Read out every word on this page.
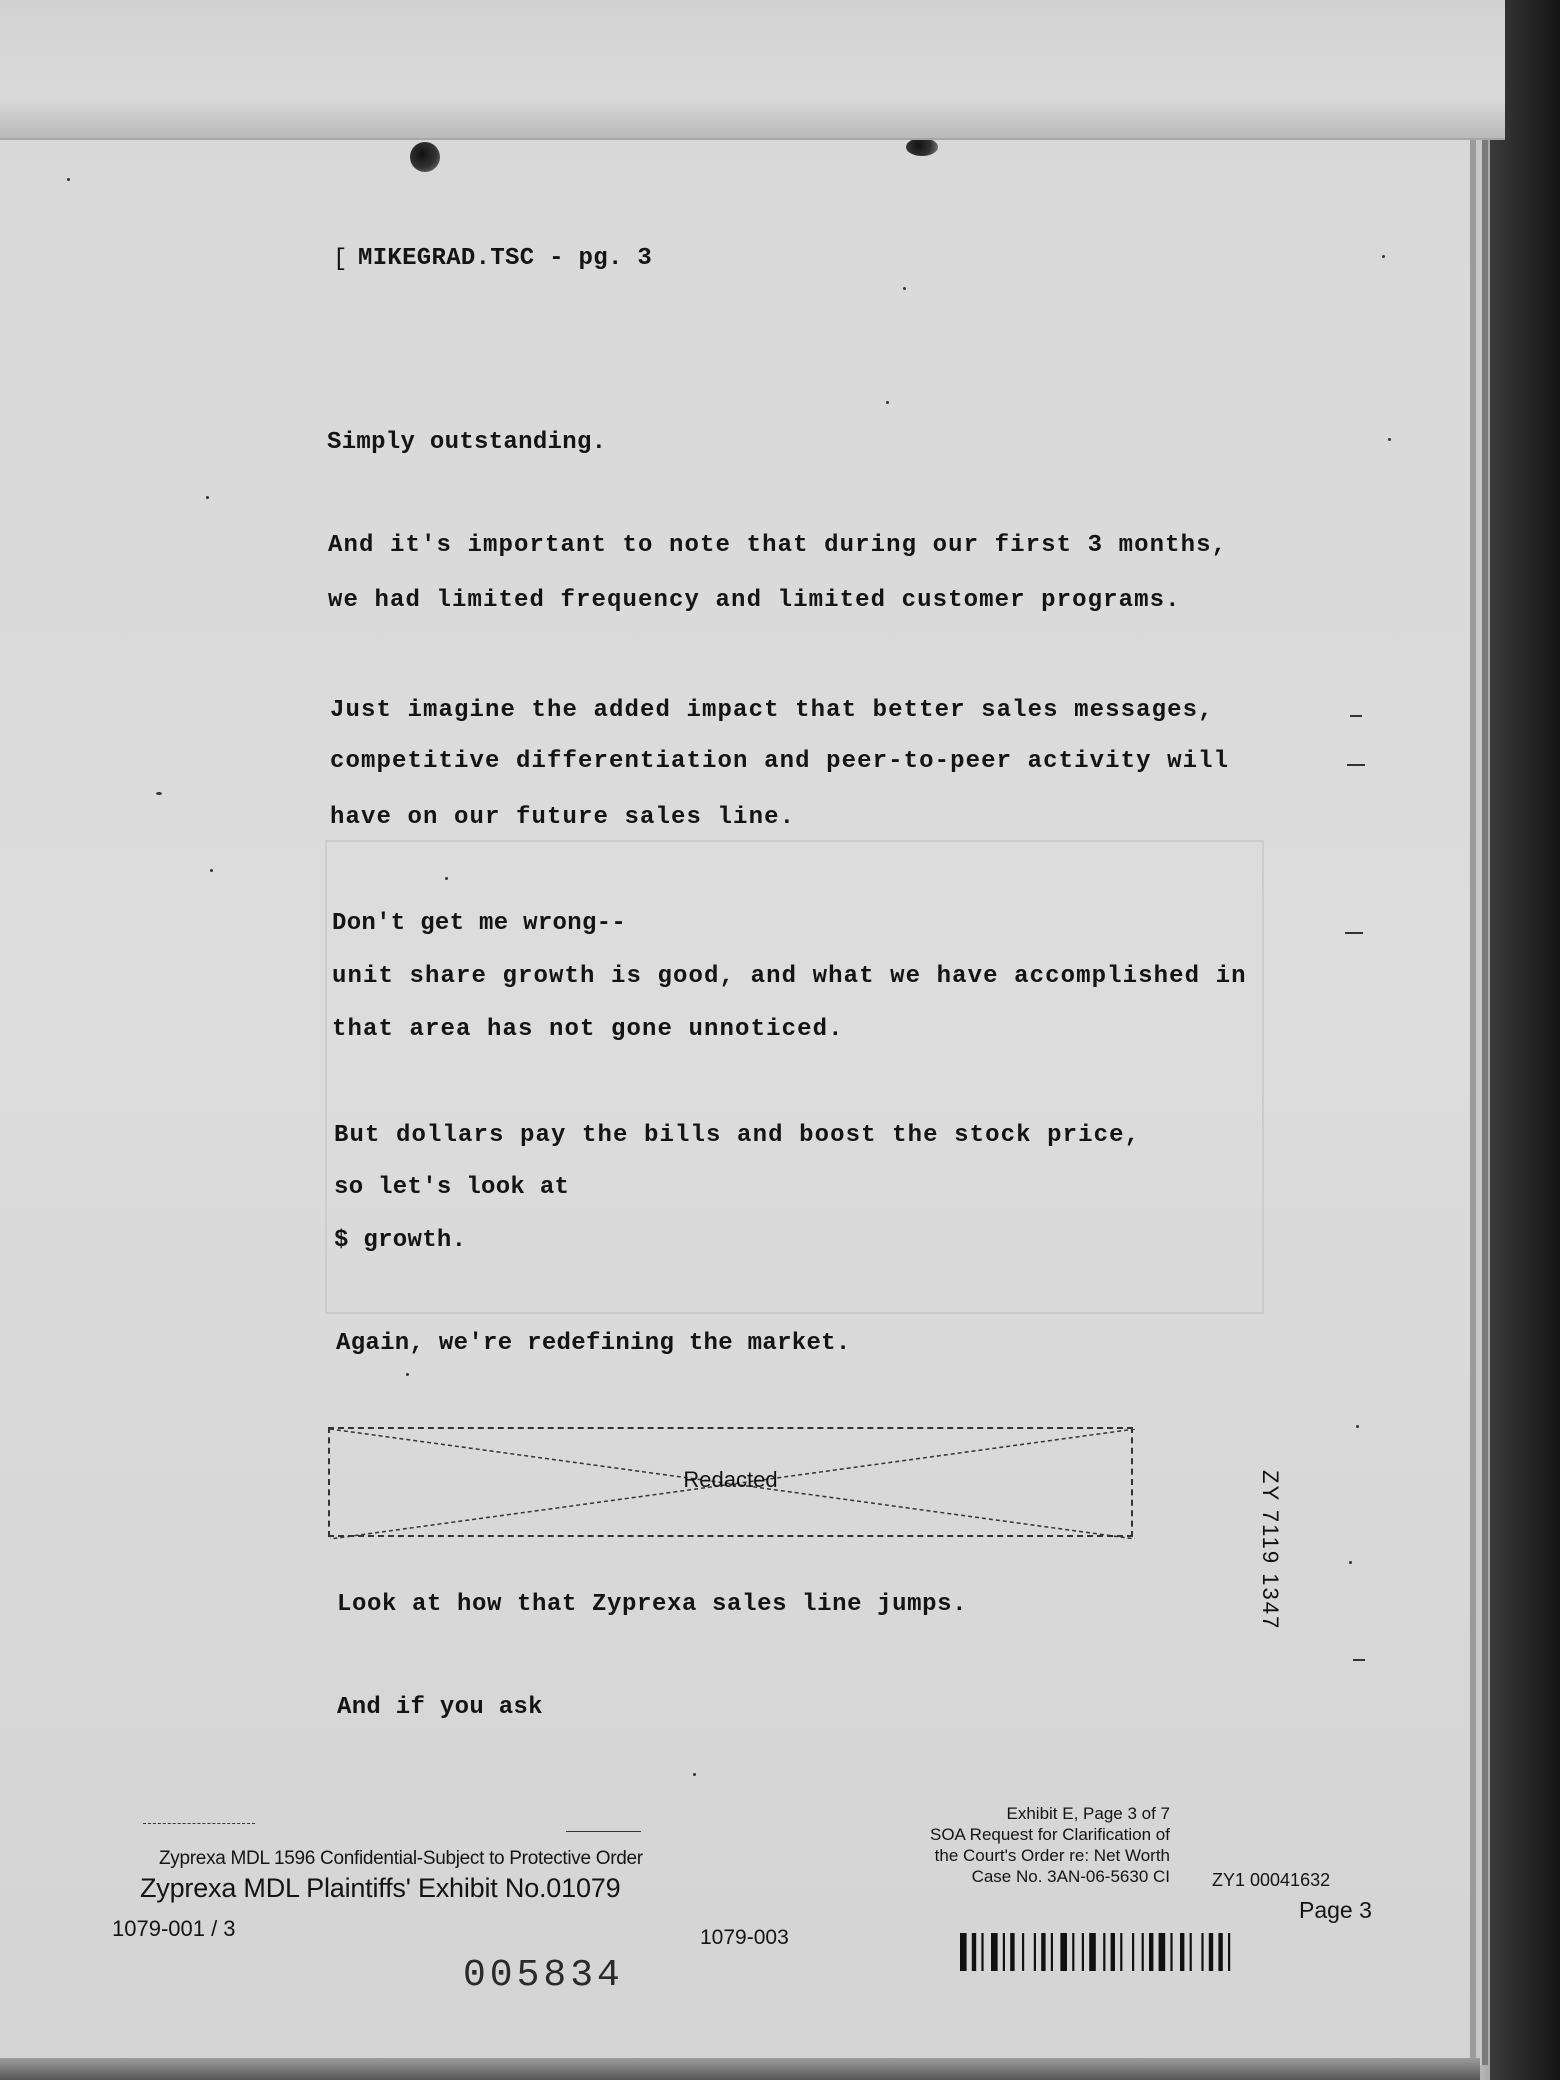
[ MIKEGRAD.TSC - pg. 3
Simply outstanding.
And it's important to note that during our first 3 months,
we had limited frequency and limited customer programs.
Just imagine the added impact that better sales messages,
competitive differentiation and peer-to-peer activity will
have on our future sales line.
Don't get me wrong--
unit share growth is good, and what we have accomplished in
that area has not gone unnoticed.
But dollars pay the bills and boost the stock price,
so let's look at
$ growth.
Again, we're redefining the market.
Redacted
Look at how that Zyprexa sales line jumps.
And if you ask
ZY 7119 1347
Zyprexa MDL 1596 Confidential-Subject to Protective Order
Zyprexa MDL Plaintiffs' Exhibit No.01079
1079-001 / 3	1079-003
005834
Exhibit E, Page 3 of 7
SOA Request for Clarification of
the Court's Order re: Net Worth
Case No. 3AN-06-5630 CI ZY1 00041632
Page 3
